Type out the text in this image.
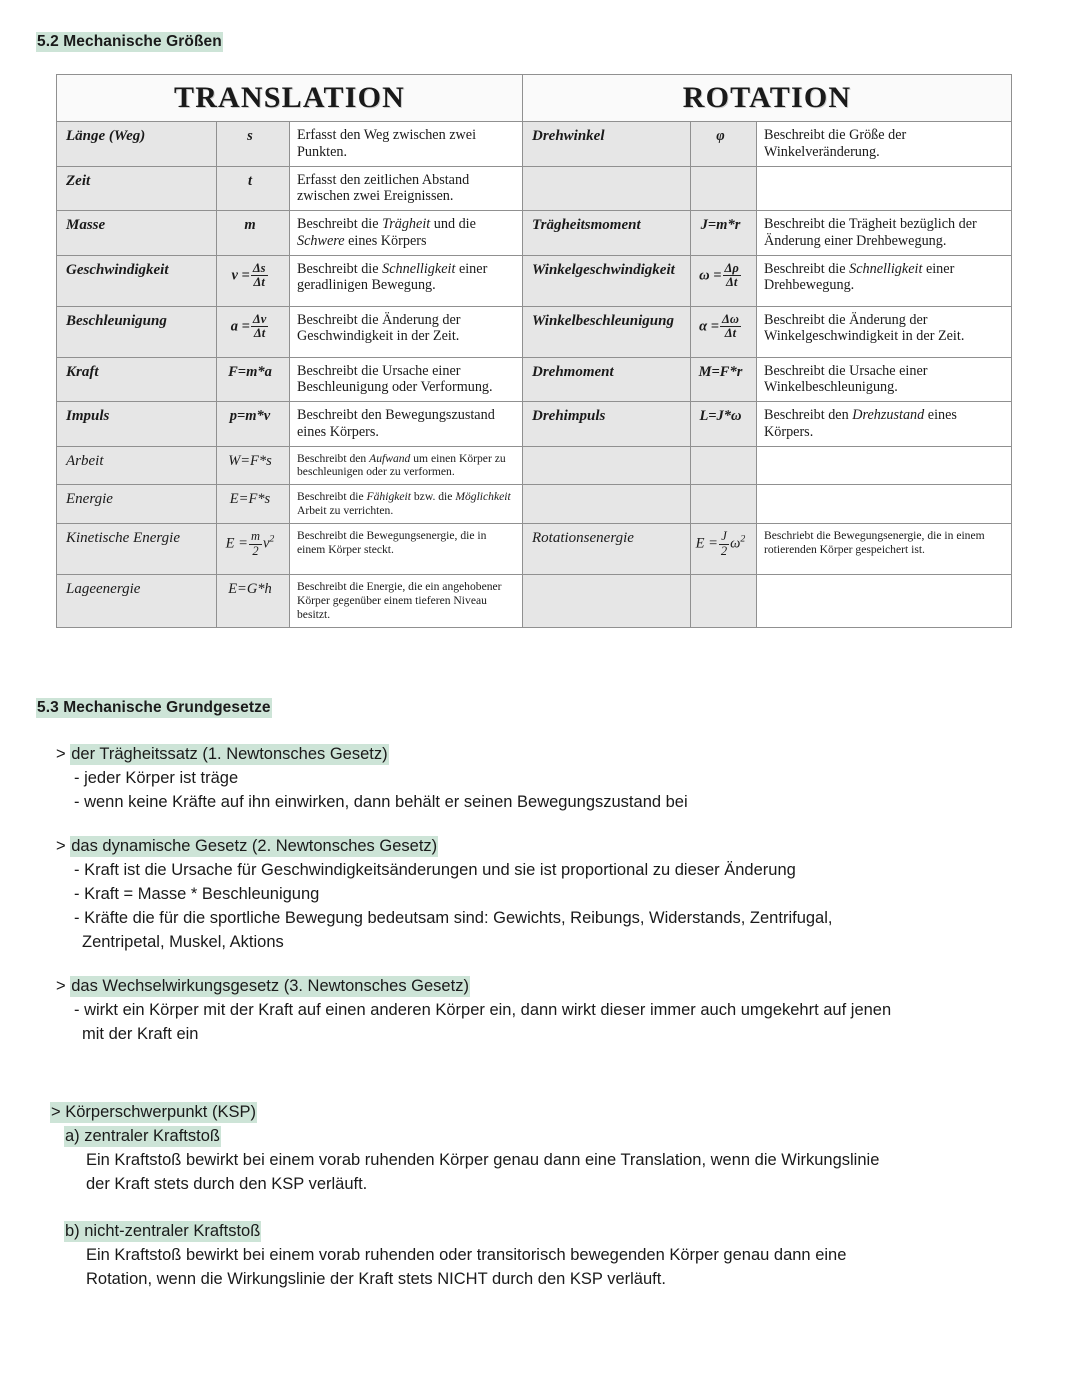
5.2 Mechanische Größen
TRANSLATION			ROTATION		
Länge (Weg)	s	Erfasst den Weg zwischen zwei Punkten.	Drehwinkel	φ	Beschreibt die Größe der Winkelveränderung.
Zeit	t	Erfasst den zeitlichen Abstand zwischen zwei Ereignissen.			
Masse	m	Beschreibt die Trägheit und die Schwere eines Körpers	Trägheitsmoment	J=m*r	Beschreibt die Trägheit bezüglich der Änderung einer Drehbewegung.
Geschwindigkeit	$v = \frac{\Delta s}{\Delta t}$	Beschreibt die Schnelligkeit einer geradlinigen Bewegung.	Winkelgeschwindigkeit	$\omega = \frac{\Delta\rho}{\Delta t}$	Beschreibt die Schnelligkeit einer Drehbewegung.
Beschleunigung	$a = \frac{\Delta v}{\Delta t}$	Beschreibt die Änderung der Geschwindigkeit in der Zeit.	Winkelbeschleunigung	$\alpha = \frac{\Delta\omega}{\Delta t}$	Beschreibt die Änderung der Winkelgeschwindigkeit in der Zeit.
Kraft	F=m*a	Beschreibt die Ursache einer Beschleunigung oder Verformung.	Drehmoment	M=F*r	Beschreibt die Ursache einer Winkelbeschleunigung.
Impuls	p=m*v	Beschreibt den Bewegungszustand eines Körpers.	Drehimpuls	L=J*ω	Beschreibt den Drehzustand eines Körpers.
Arbeit	W=F*s	Beschreibt den Aufwand um einen Körper zu beschleunigen oder zu verformen.			
Energie	E=F*s	Beschreibt die Fähigkeit bzw. die Möglichkeit Arbeit zu verrichten.			
Kinetische Energie	$E = \frac{m}{2} v^2$	Beschreibt die Bewegungsenergie, die in einem Körper steckt.	Rotationsenergie	$E = \frac{J}{2} \omega^2$	Beschriebt die Bewegungsenergie, die in einem rotierenden Körper gespeichert ist.
Lageenergie	E=G*h	Beschreibt die Energie, die ein angehobener Körper gegenüber einem tieferen Niveau besitzt.			
5.3 Mechanische Grundgesetze
> der Trägheitssatz (1. Newtonsches Gesetz)
- jeder Körper ist träge
- wenn keine Kräfte auf ihn einwirken, dann behält er seinen Bewegungszustand bei
> das dynamische Gesetz (2. Newtonsches Gesetz)
- Kraft ist die Ursache für Geschwindigkeitsänderungen und sie ist proportional zu dieser Änderung
- Kraft = Masse * Beschleunigung
- Kräfte die für die sportliche Bewegung bedeutsam sind: Gewichts, Reibungs, Widerstands, Zentrifugal,
Zentripetal, Muskel, Aktions
> das Wechselwirkungsgesetz (3. Newtonsches Gesetz)
- wirkt ein Körper mit der Kraft auf einen anderen Körper ein, dann wirkt dieser immer auch umgekehrt auf jenen
mit der Kraft ein
> Körperschwerpunkt (KSP)
a) zentraler Kraftstoß
Ein Kraftstoß bewirkt bei einem vorab ruhenden Körper genau dann eine Translation, wenn die Wirkungslinie
der Kraft stets durch den KSP verläuft.
b) nicht-zentraler Kraftstoß
Ein Kraftstoß bewirkt bei einem vorab ruhenden oder transitorisch bewegenden Körper genau dann eine
Rotation, wenn die Wirkungslinie der Kraft stets NICHT durch den KSP verläuft.
